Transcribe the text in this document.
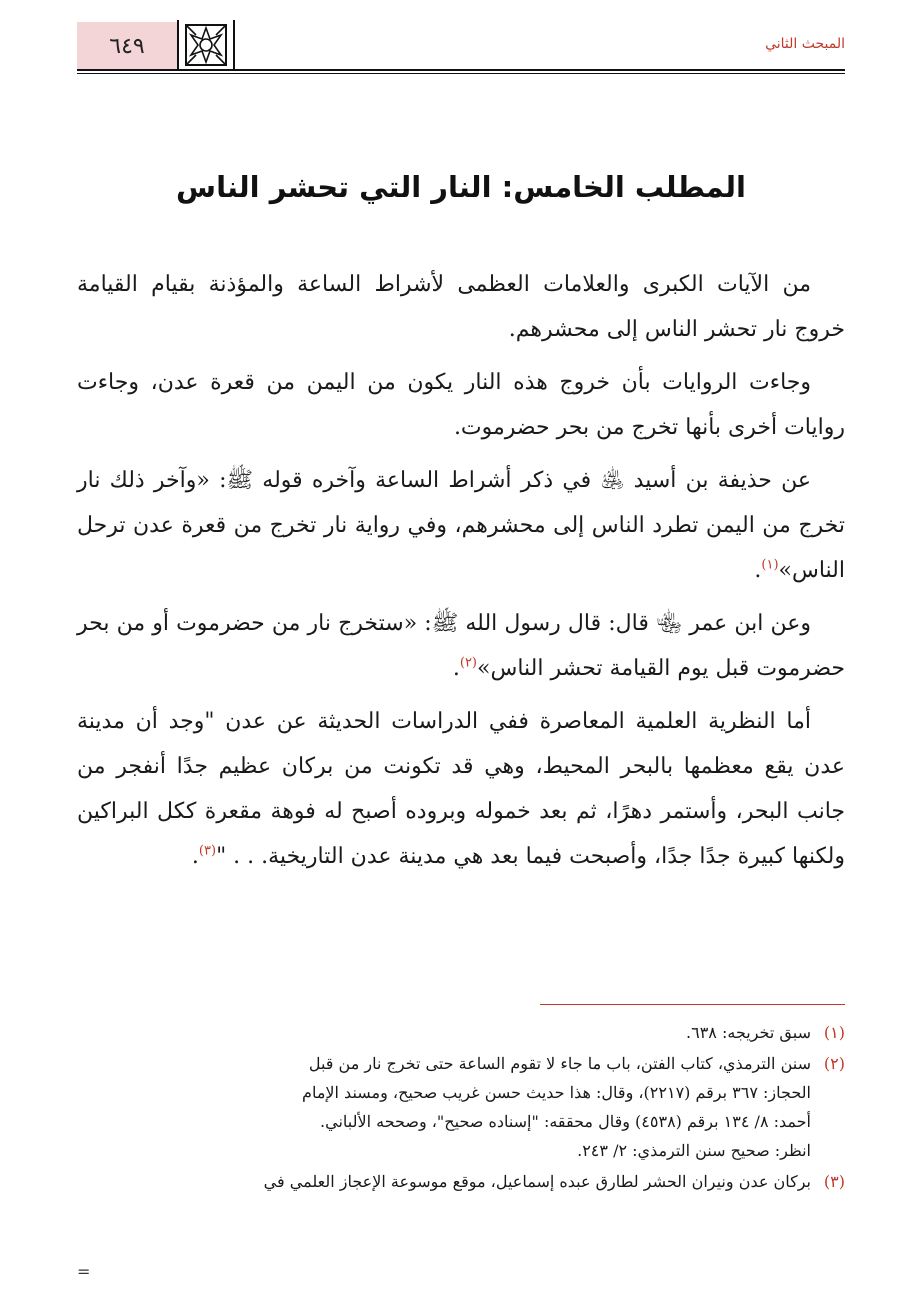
٦٤٩	المبحث الثاني
المطلب الخامس: النار التي تحشر الناس

من الآيات الكبرى والعلامات العظمى لأشراط الساعة والمؤذنة بقيام القيامة خروج نار تحشر الناس إلى محشرهم.

وجاءت الروايات بأن خروج هذه النار يكون من اليمن من قعرة عدن، وجاءت روايات أخرى بأنها تخرج من بحر حضرموت.

عن حذيفة بن أسيد ﵁ في ذكر أشراط الساعة وآخره قوله ﷺ: «وآخر ذلك نار تخرج من اليمن تطرد الناس إلى محشرهم، وفي رواية نار تخرج من قعرة عدن ترحل الناس»$^{(١)}$.

وعن ابن عمر ﵄ قال: قال رسول الله ﷺ: «ستخرج نار من حضرموت أو من بحر حضرموت قبل يوم القيامة تحشر الناس»$^{(٢)}$.

أما النظرية العلمية المعاصرة ففي الدراسات الحديثة عن عدن "وجد أن مدينة عدن يقع معظمها بالبحر المحيط، وهي قد تكونت من بركان عظيم جدًا أنفجر من جانب البحر، وأستمر دهرًا، ثم بعد خموله وبروده أصبح له فوهة مقعرة ككل البراكين ولكنها كبيرة جدًا جدًا، وأصبحت فيما بعد هي مدينة عدن التاريخية. . . "$^{(٣)}$.

(١)
سبق تخريجه: ٦٣٨.
(٢)
سنن الترمذي، كتاب الفتن، باب ما جاء لا تقوم الساعة حتى تخرج نار من قبل
الحجاز: ٣٦٧ برقم (٢٢١٧)، وقال: هذا حديث حسن غريب صحيح، ومسند الإمام
أحمد: ٨/ ١٣٤ برقم (٤٥٣٨) وقال محققه: "إسناده صحيح"، وصححه الألباني.
انظر: صحيح سنن الترمذي: ٢/ ٢٤٣.
(٣)
بركان عدن ونيران الحشر لطارق عبده إسماعيل، موقع موسوعة الإعجاز العلمي في
=
